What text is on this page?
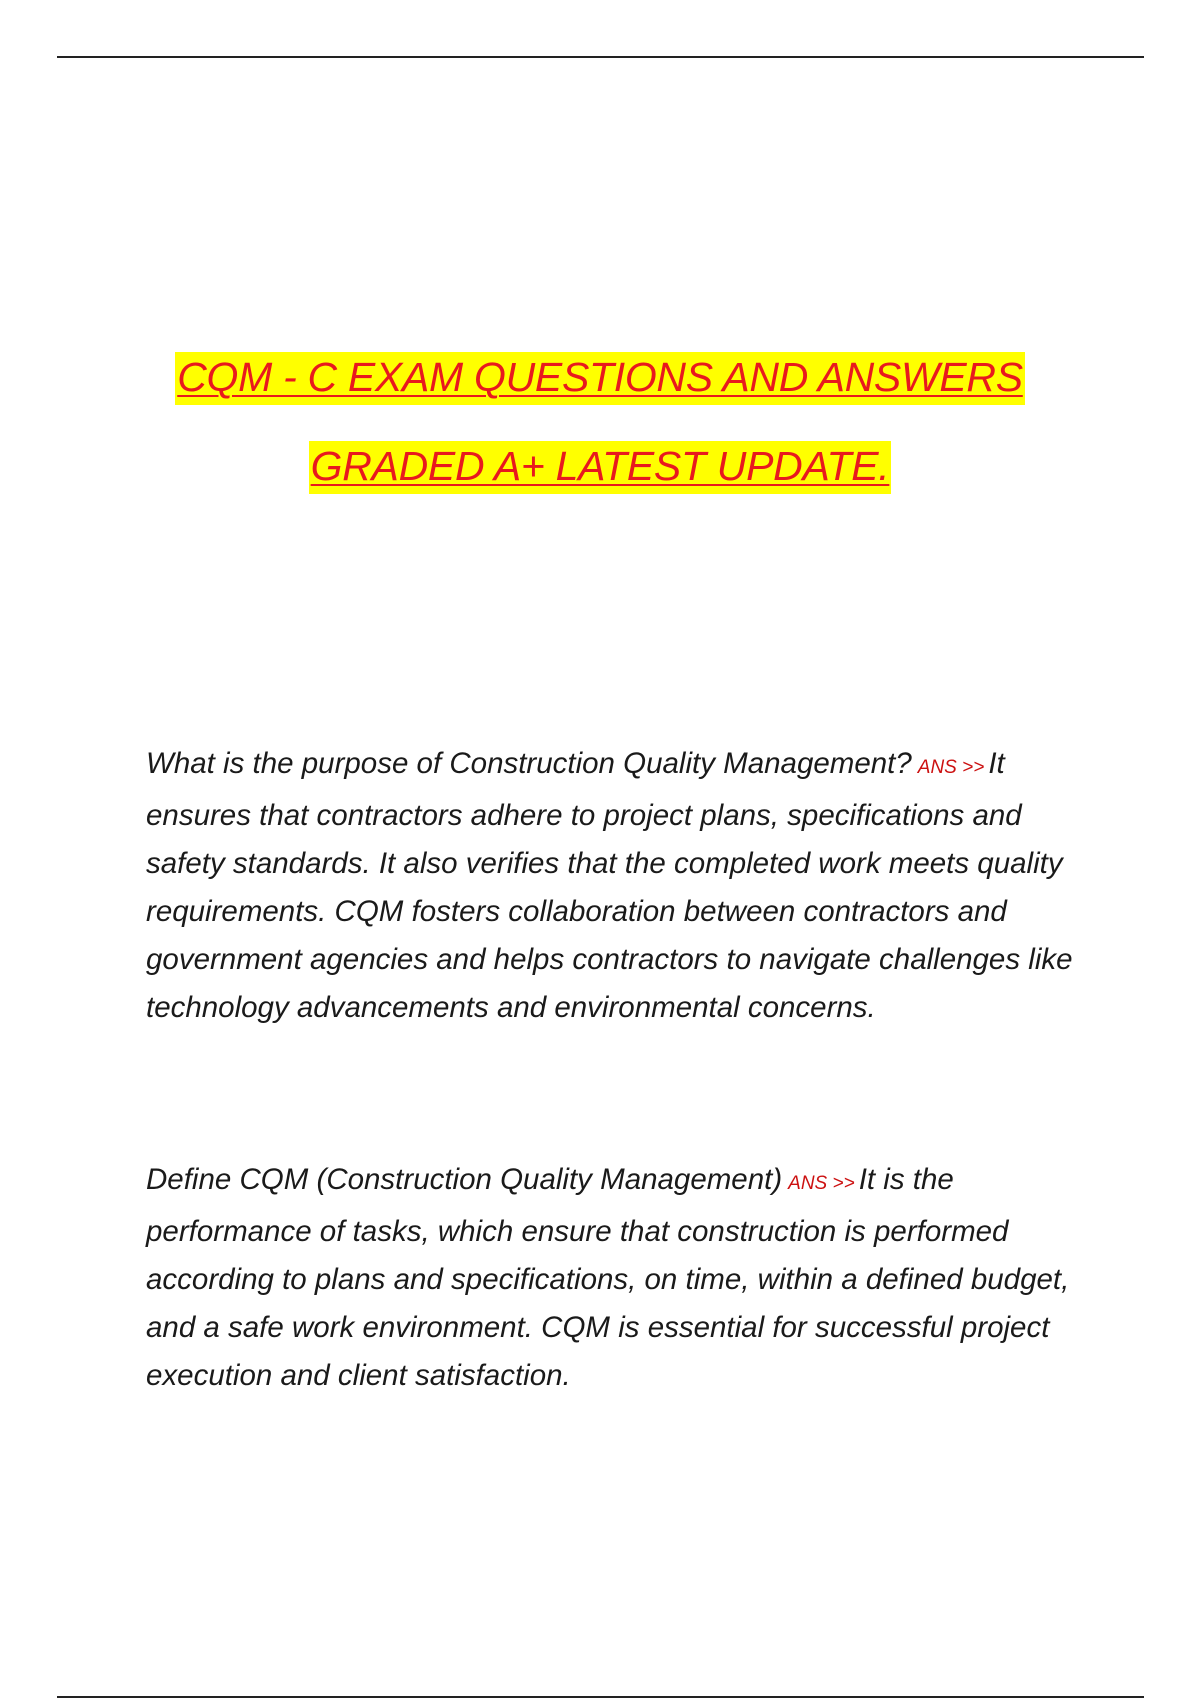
CQM - C EXAM QUESTIONS AND ANSWERS
GRADED A+ LATEST UPDATE.
What is the purpose of Construction Quality Management? ANS >> It ensures that contractors adhere to project plans, specifications and safety standards. It also verifies that the completed work meets quality requirements. CQM fosters collaboration between contractors and government agencies and helps contractors to navigate challenges like technology advancements and environmental concerns.
Define CQM (Construction Quality Management) ANS >> It is the performance of tasks, which ensure that construction is performed according to plans and specifications, on time, within a defined budget, and a safe work environment. CQM is essential for successful project execution and client satisfaction.
